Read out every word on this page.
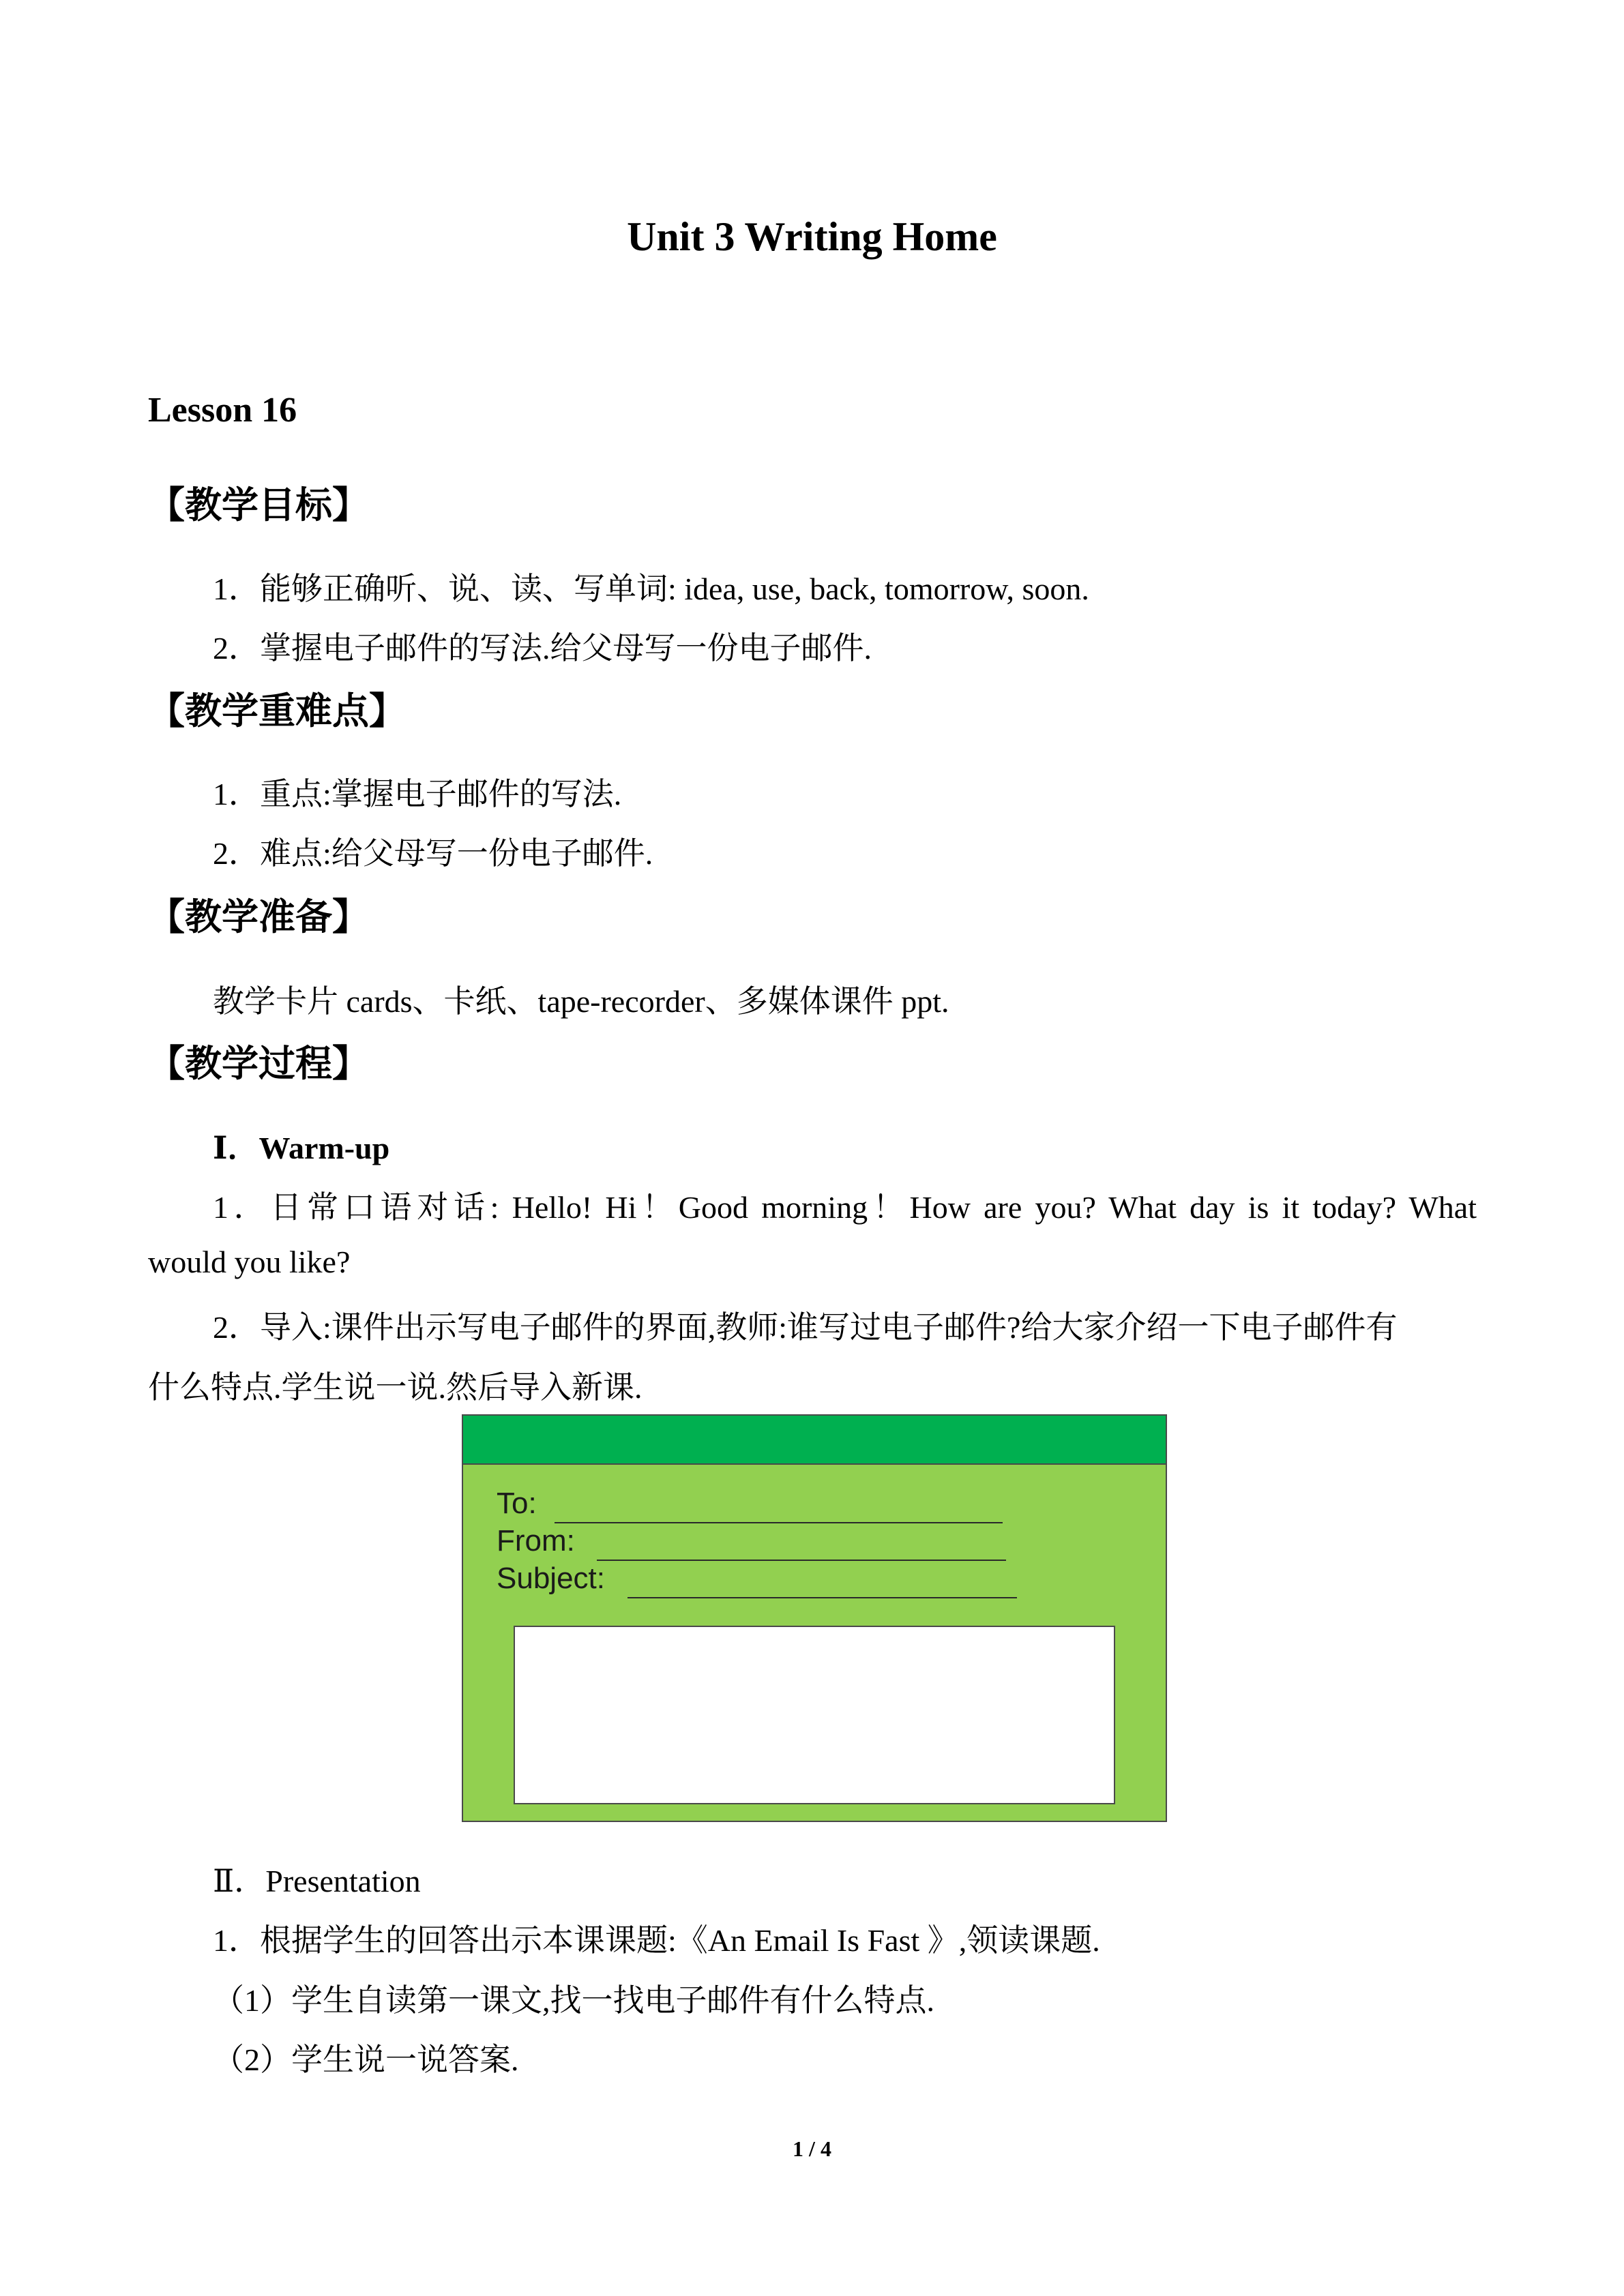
Unit 3 Writing Home
Lesson 16
【教学目标】
1．能够正确听、说、读、写单词: idea, use, back, tomorrow, soon.
2．掌握电子邮件的写法.给父母写一份电子邮件.
【教学重难点】
1．重点:掌握电子邮件的写法.
2．难点:给父母写一份电子邮件.
【教学准备】
教学卡片 cards、卡纸、tape-recorder、多媒体课件 ppt.
【教学过程】
Ⅰ．Warm-up
1．日常口语对话: Hello! Hi！Good morning！How are you? What day is it today? What
would you like?
2．导入:课件出示写电子邮件的界面,教师:谁写过电子邮件?给大家介绍一下电子邮件有
什么特点.学生说一说.然后导入新课.
To:
From:
Subject:
Ⅱ．Presentation
1．根据学生的回答出示本课课题:《An Email Is Fast 》,领读课题.
（1）学生自读第一课文,找一找电子邮件有什么特点.
（2）学生说一说答案.
1 / 4
